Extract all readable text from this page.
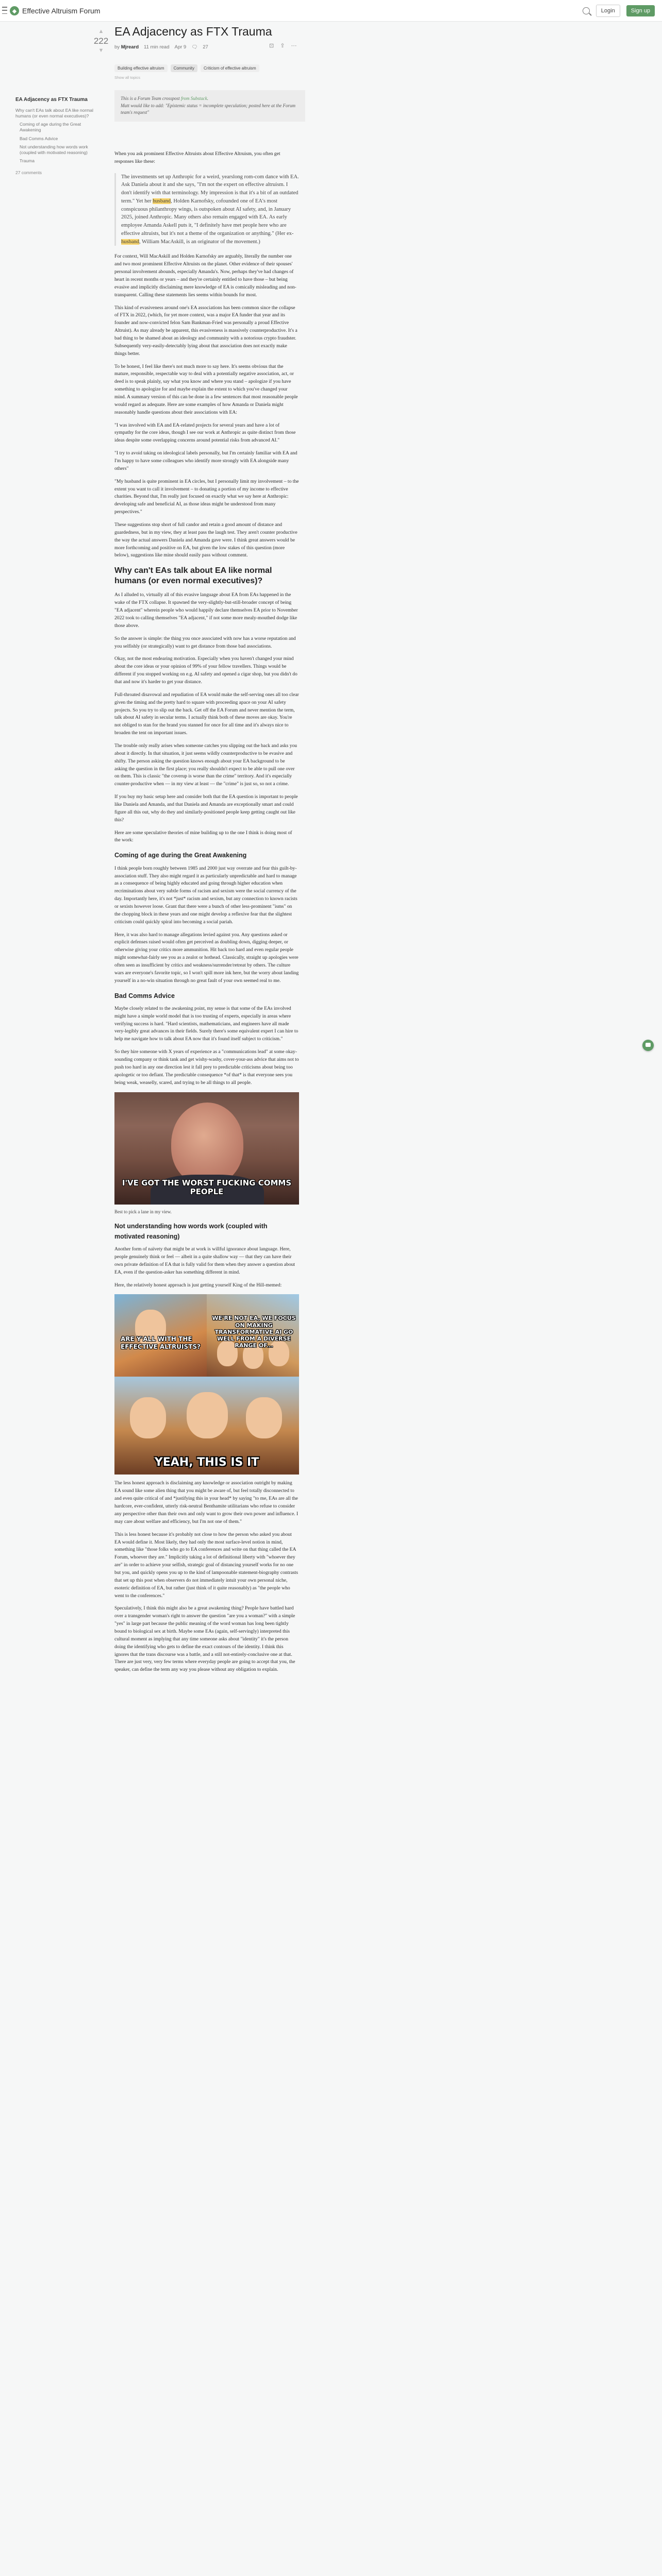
◆ Effective Altruism Forum	Login	Sign up
EA Adjacency as FTX Trauma
Why can't EAs talk about EA like normal humans (or even normal executives)?
Coming of age during the Great Awakening
Bad Comms Advice
Not understanding how words work (coupled with motivated reasoning)
Trauma
27 comments
▲
222
▼
⊡ ⇪ ⋯
EA Adjacency as FTX Trauma
by Mjreard 11 min read Apr 9 🗨 27
Building effective altruism	Community	Criticism of effective altruism
Show all topics
This is a Forum Team crosspost from Substack.
Matt would like to add: "Epistemic status = incomplete speculation; posted here at the Forum team's request"

When you ask prominent Effective Altruists about Effective Altruism, you often get responses like these:

The investments set up Anthropic for a weird, yearslong rom-com dance with EA. Ask Daniela about it and she says, "I'm not the expert on effective altruism. I don't identify with that terminology. My impression is that it's a bit of an outdated term." Yet her husband, Holden Karnofsky, cofounded one of EA's most conspicuous philanthropy wings, is outspoken about AI safety, and, in January 2025, joined Anthropic. Many others also remain engaged with EA. As early employee Amanda Askell puts it, "I definitely have met people here who are effective altruists, but it's not a theme of the organization or anything." (Her ex-husband, William MacAskill, is an originator of the movement.)

For context, Will MacAskill and Holden Karnofsky are arguably, literally the number one and two most prominent Effective Altruists on the planet. Other evidence of their spouses' personal involvement abounds, especially Amanda's. Now, perhaps they've had changes of heart in recent months or years – and they're certainly entitled to have those – but being evasive and implicitly disclaiming mere knowledge of EA is comically misleading and non-transparent. Calling these statements lies seems within bounds for most.

This kind of evasiveness around one's EA associations has been common since the collapse of FTX in 2022, (which, for yet more context, was a major EA funder that year and its founder and now-convicted felon Sam Bankman-Fried was personally a proud Effective Altruist). As may already be apparent, this evasiveness is massively counterproductive. It's a bad thing to be shamed about an ideology and community with a notorious crypto fraudster. Subsequently very-easily-detectably lying about that association does not exactly make things better.

To be honest, I feel like there's not much more to say here. It's seems obvious that the mature, responsible, respectable way to deal with a potentially negative association, act, or deed is to speak plainly, say what you know and where you stand – apologize if you have something to apologize for and maybe explain the extent to which you've changed your mind. A summary version of this can be done in a few sentences that most reasonable people would regard as adequate. Here are some examples of how Amanda or Daniela might reasonably handle questions about their associations with EA:

"I was involved with EA and EA-related projects for several years and have a lot of sympathy for the core ideas, though I see our work at Anthropic as quite distinct from those ideas despite some overlapping concerns around potential risks from advanced AI."

"I try to avoid taking on ideological labels personally, but I'm certainly familiar with EA and I'm happy to have some colleagues who identify more strongly with EA alongside many others"

"My husband is quite prominent in EA circles, but I personally limit my involvement – to the extent you want to call it involvement – to donating a portion of my income to effective charities. Beyond that, I'm really just focused on exactly what we say here at Anthropic: developing safe and beneficial AI, as those ideas might be understood from many perspectives."

These suggestions stop short of full candor and retain a good amount of distance and guardedness, but in my view, they at least pass the laugh test. They aren't counter productive the way the actual answers Daniela and Amanda gave were. I think great answers would be more forthcoming and positive on EA, but given the low stakes of this question (more below), suggestions like mine should easily pass without comment.

Why can't EAs talk about EA like normal humans (or even normal executives)?

As I alluded to, virtually all of this evasive language about EA from EAs happened in the wake of the FTX collapse. It spawned the very-slightly-but-still-broader concept of being "EA adjacent" wherein people who would happily declare themselves EA prior to November 2022 took to calling themselves "EA adjacent," if not some more mealy-mouthed dodge like those above.

So the answer is simple: the thing you once associated with now has a worse reputation and you selfishly (or strategically) want to get distance from those bad associations.

Okay, not the most endearing motivation. Especially when you haven't changed your mind about the core ideas or your opinion of 99% of your fellow travellers. Things would be different if you stopped working on e.g. AI safety and opened a cigar shop, but you didn't do that and now it's harder to get your distance.

Full-throated disavowal and repudiation of EA would make the self-serving ones all too clear given the timing and the pretty hard to square with proceeding apace on your AI safety projects. So you try to slip out the back. Get off the EA Forum and never mention the term, talk about AI safety in secular terms. I actually think both of these moves are okay. You're not obliged to stan for the brand you stanned for once for all time and it's always nice to broaden the tent on important issues.

The trouble only really arises when someone catches you slipping out the back and asks you about it directly. In that situation, it just seems wildly counterproductive to be evasive and shifty. The person asking the question knows enough about your EA background to be asking the question in the first place; you really shouldn't expect to be able to pull one over on them. This is classic "the coverup is worse than the crime" territory. And it's especially counter-productive when — in my view at least — the "crime" is just so, so not a crime.

If you buy my basic setup here and consider both that the EA question is important to people like Daniela and Amanda, and that Daniela and Amanda are exceptionally smart and could figure all this out, why do they and similarly-positioned people keep getting caught out like this?

Here are some speculative theories of mine building up to the one I think is doing most of the work:

Coming of age during the Great Awakening

I think people born roughly between 1985 and 2000 just way overrate and fear this guilt-by-association stuff. They also might regard it as particularly unpredictable and hard to manage as a consequence of being highly educated and going through higher education when recriminations about very subtle forms of racism and sexism were the social currency of the day. Importantly here, it's not *just* racism and sexism, but any connection to known racists or sexists however loose. Grant that there were a bunch of other less-prominent "isms" on the chopping block in these years and one might develop a reflexive fear that the slightest criticism could quickly spiral into becoming a social pariah.

Here, it was also hard to manage allegations levied against you. Any questions asked or explicit defenses raised would often get perceived as doubling down, digging deeper, or otherwise giving your critics more ammunition. Hit back too hard and even regular people might somewhat-fairly see you as a zealot or hothead. Classically, straight up apologies were often seen as insufficient by critics and weakness/surrender/retreat by others. The culture wars are everyone's favorite topic, so I won't spill more ink here, but the worry about landing yourself in a no-win situation through no great fault of your own seemed real to me.

Bad Comms Advice

Maybe closely related to the awakening point, my sense is that some of the EAs involved might have a simple world model that is too trusting of experts, especially in areas where verifying success is hard. "Hard scientists, mathematicians, and engineers have all made very-legibly great advances in their fields. Surely there's some equivalent expert I can hire to help me navigate how to talk about EA now that it's found itself subject to criticism."

So they hire someone with X years of experience as a "communications lead" at some okay-sounding company or think tank and get wishy-washy, cover-your-ass advice that aims not to push too hard in any one direction lest it fall prey to predictable criticisms about being too apologetic or too defiant. The predictable consequence *of that* is that everyone sees you being weak, weaselly, scared, and trying to be all things to all people.

I'VE GOT THE WORST FUCKING COMMS PEOPLE

Best to pick a lane in my view.

Not understanding how words work (coupled with motivated reasoning)

Another form of naïvety that might be at work is willful ignorance about language. Here, people genuinely think or feel — albeit in a quite shallow way — that they can have their own private definition of EA that is fully valid for them when they answer a question about EA, even if the question-asker has something different in mind.

Here, the relatively honest approach is just getting yourself King of the Hill-memed:

ARE Y'ALL WITH THE EFFECTIVE ALTRUISTS?
WE'RE NOT EA, WE FOCUS ON MAKING TRANSFORMATIVE AI GO WELL FROM A DIVERSE RANGE OF...
YEAH, THIS IS IT

The less honest approach is disclaiming any knowledge or association outright by making EA sound like some alien thing that you might be aware of, but feel totally disconnected to and even quite critical of and *justifying this in your head* by saying "to me, EAs are all the hardcore, ever-confident, utterly risk-neutral Benthamite utilitarians who refuse to consider any perspective other than their own and only want to grow their own power and influence. I may care about welfare and efficiency, but I'm not one of them."

This is less honest because it's probably not close to how the person who asked you about EA would define it. Most likely, they had only the most surface-level notion in mind, something like "those folks who go to EA conferences and write on that thing called the EA Forum, whoever they are." Implicitly taking a lot of definitional liberty with "whoever they are" in order to achieve your selfish, strategic goal of distancing yourself works for no one but you, and quickly opens you up to the kind of lampoonable statement-biography contrasts that set up this post when observers do not immediately intuit your own personal niche, esoteric definition of EA, but rather (just think of it quite reasonably) as "the people who went to the conferences."

Speculatively, I think this might also be a great awakening thing? People have battled hard over a transgender woman's right to answer the question "are you a woman?" with a simple "yes" in large part because the public meaning of the word woman has long been tightly bound to biological sex at birth. Maybe some EAs (again, self-servingly) interpreted this cultural moment as implying that any time someone asks about "identity" it's the person doing the identifying who gets to define the exact contours of the identity. I think this ignores that the trans discourse was a battle, and a still not-entirely-conclusive one at that. There are just very, very few terms where everyday people are going to accept that you, the speaker, can define the term any way you please without any obligation to explain.
